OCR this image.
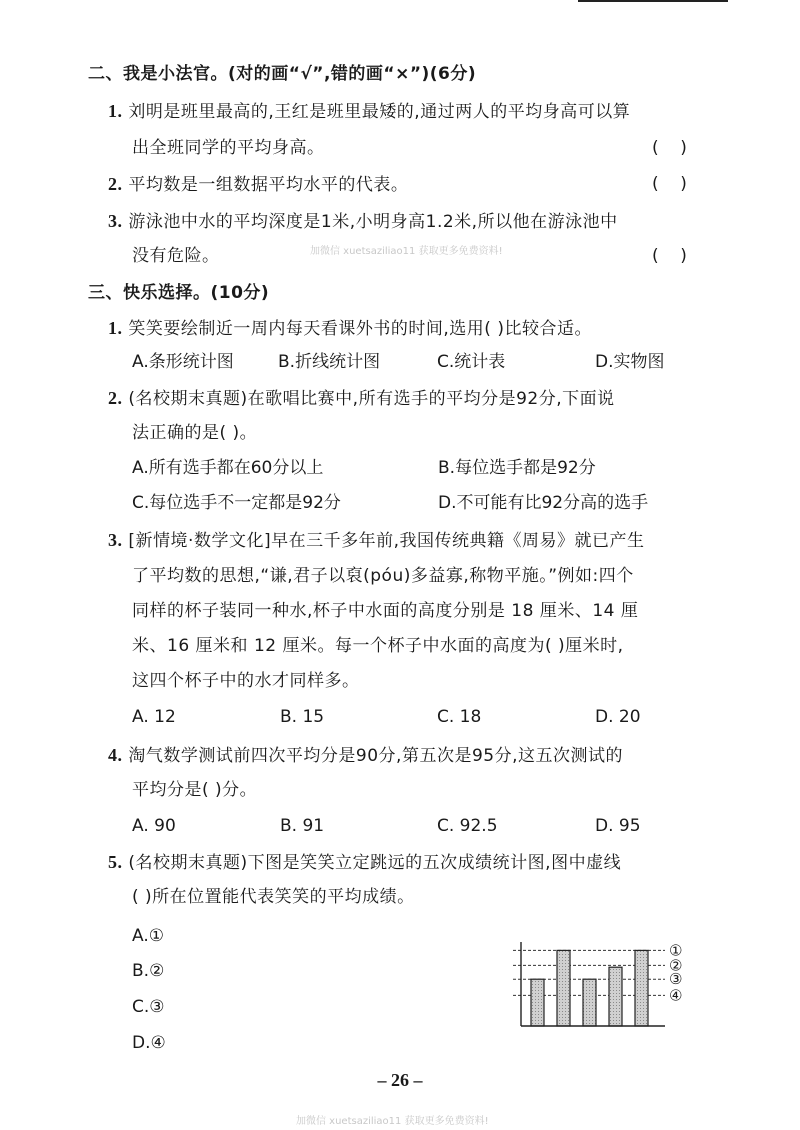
二、我是小法官。(对的画“√”,错的画“×”)(6分)
1. 刘明是班里最高的,王红是班里最矮的,通过两人的平均身高可以算
出全班同学的平均身高。	(    )
2. 平均数是一组数据平均水平的代表。	(    )
3. 游泳池中水的平均深度是1米,小明身高1.2米,所以他在游泳池中
没有危险。	(    )
加微信 xuetsaziliao11 获取更多免费资料!
三、快乐选择。(10分)
1. 笑笑要绘制近一周内每天看课外书的时间,选用( )比较合适。
A.条形统计图	B.折线统计图	C.统计表	D.实物图
2. (名校期末真题)在歌唱比赛中,所有选手的平均分是92分,下面说
法正确的是( )。
A.所有选手都在60分以上	B.每位选手都是92分
C.每位选手不一定都是92分	D.不可能有比92分高的选手
3. [新情境·数学文化]早在三千多年前,我国传统典籍《周易》就已产生
了平均数的思想,“谦,君子以裒(póu)多益寡,称物平施。”例如:四个
同样的杯子装同一种水,杯子中水面的高度分别是 18 厘米、14 厘
米、16 厘米和 12 厘米。每一个杯子中水面的高度为( )厘米时,
这四个杯子中的水才同样多。
A. 12	B. 15	C. 18	D. 20
4. 淘气数学测试前四次平均分是90分,第五次是95分,这五次测试的
平均分是( )分。
A. 90	B. 91	C. 92.5	D. 95
5. (名校期末真题)下图是笑笑立定跳远的五次成绩统计图,图中虚线
( )所在位置能代表笑笑的平均成绩。
A.①
B.②
C.③
D.④
①
②
③
④
– 26 –
加微信 xuetsaziliao11 获取更多免费资料!
